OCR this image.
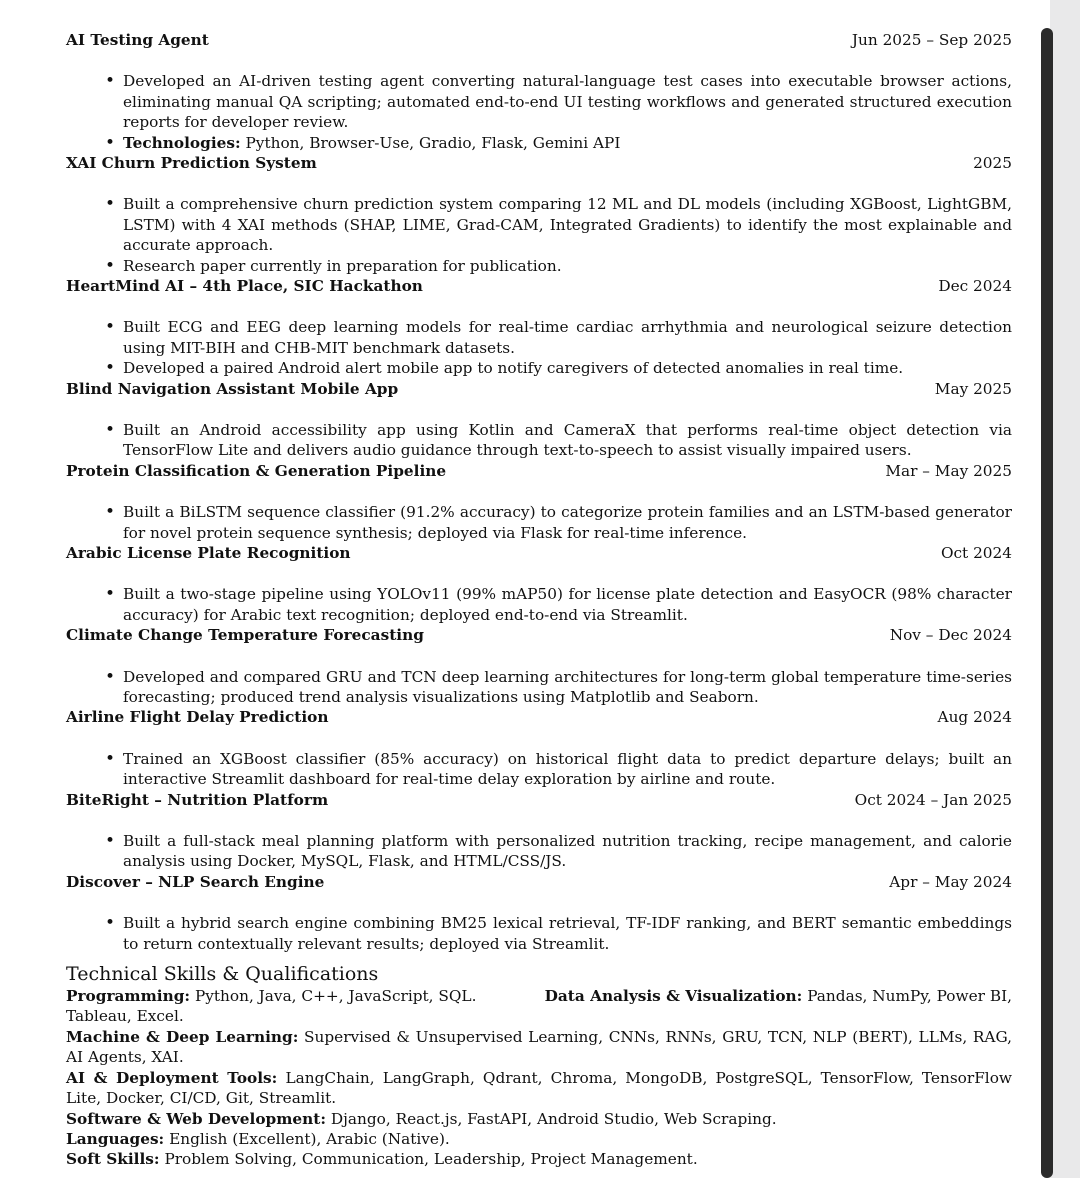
AI Testing Agent	Jun 2025 – Sep 2025
• Developed an AI-driven testing agent converting natural-language test cases into executable browser actions, eliminating manual QA scripting; automated end-to-end UI testing workflows and generated structured execution reports for developer review.
• Technologies: Python, Browser-Use, Gradio, Flask, Gemini API
XAI Churn Prediction System	2025
• Built a comprehensive churn prediction system comparing 12 ML and DL models (including XGBoost, LightGBM, LSTM) with 4 XAI methods (SHAP, LIME, Grad-CAM, Integrated Gradients) to identify the most explainable and accurate approach.
• Research paper currently in preparation for publication.
HeartMind AI – 4th Place, SIC Hackathon	Dec 2024
• Built ECG and EEG deep learning models for real-time cardiac arrhythmia and neurological seizure detection using MIT-BIH and CHB-MIT benchmark datasets.
• Developed a paired Android alert mobile app to notify caregivers of detected anomalies in real time.
Blind Navigation Assistant Mobile App	May 2025
• Built an Android accessibility app using Kotlin and CameraX that performs real-time object detection via TensorFlow Lite and delivers audio guidance through text-to-speech to assist visually impaired users.
Protein Classification & Generation Pipeline	Mar – May 2025
• Built a BiLSTM sequence classifier (91.2% accuracy) to categorize protein families and an LSTM-based generator for novel protein sequence synthesis; deployed via Flask for real-time inference.
Arabic License Plate Recognition	Oct 2024
• Built a two-stage pipeline using YOLOv11 (99% mAP50) for license plate detection and EasyOCR (98% character accuracy) for Arabic text recognition; deployed end-to-end via Streamlit.
Climate Change Temperature Forecasting	Nov – Dec 2024
• Developed and compared GRU and TCN deep learning architectures for long-term global temperature time-series forecasting; produced trend analysis visualizations using Matplotlib and Seaborn.
Airline Flight Delay Prediction	Aug 2024
• Trained an XGBoost classifier (85% accuracy) on historical flight data to predict departure delays; built an interactive Streamlit dashboard for real-time delay exploration by airline and route.
BiteRight – Nutrition Platform	Oct 2024 – Jan 2025
• Built a full-stack meal planning platform with personalized nutrition tracking, recipe management, and calorie analysis using Docker, MySQL, Flask, and HTML/CSS/JS.
Discover – NLP Search Engine	Apr – May 2024
• Built a hybrid search engine combining BM25 lexical retrieval, TF-IDF ranking, and BERT semantic embeddings to return contextually relevant results; deployed via Streamlit.
Technical Skills & Qualifications
Programming: Python, Java, C++, JavaScript, SQL.	Data Analysis & Visualization: Pandas, NumPy, Power BI,
Tableau, Excel.
Machine & Deep Learning: Supervised & Unsupervised Learning, CNNs, RNNs, GRU, TCN, NLP (BERT), LLMs, RAG, AI Agents, XAI.
AI & Deployment Tools: LangChain, LangGraph, Qdrant, Chroma, MongoDB, PostgreSQL, TensorFlow, TensorFlow Lite, Docker, CI/CD, Git, Streamlit.
Software & Web Development: Django, React.js, FastAPI, Android Studio, Web Scraping.
Languages: English (Excellent), Arabic (Native).
Soft Skills: Problem Solving, Communication, Leadership, Project Management.
